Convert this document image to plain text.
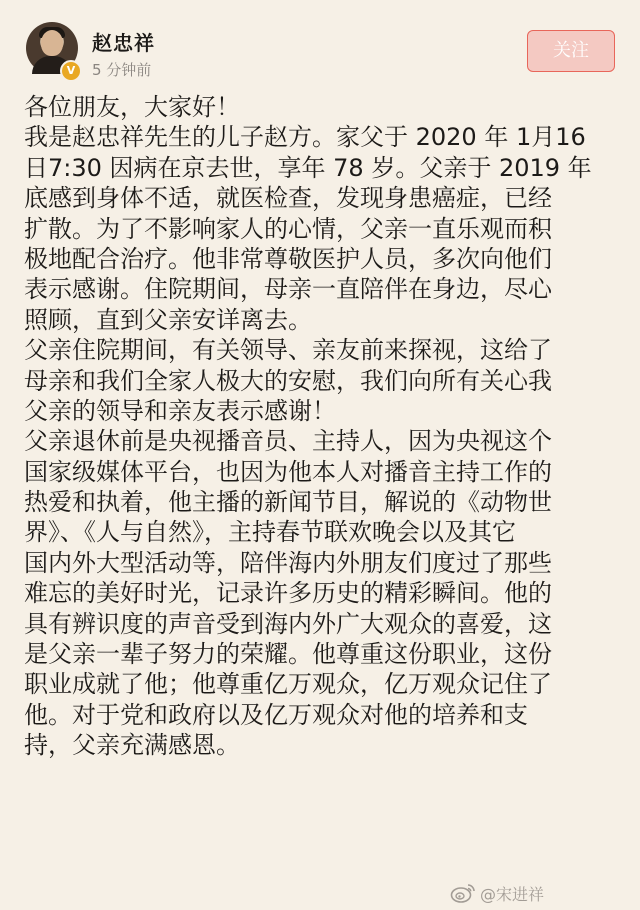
V
赵忠祥
5 分钟前
关注
各位朋友，大家好！
我是赵忠祥先生的儿子赵方。家父于 2020 年 1月16
日7:30 因病在京去世，享年 78 岁。父亲于 2019 年
底感到身体不适，就医检查，发现身患癌症，已经
扩散。为了不影响家人的心情，父亲一直乐观而积
极地配合治疗。他非常尊敬医护人员，多次向他们
表示感谢。住院期间，母亲一直陪伴在身边，尽心
照顾，直到父亲安详离去。
父亲住院期间，有关领导、亲友前来探视，这给了
母亲和我们全家人极大的安慰，我们向所有关心我
父亲的领导和亲友表示感谢！
父亲退休前是央视播音员、主持人，因为央视这个
国家级媒体平台，也因为他本人对播音主持工作的
热爱和执着，他主播的新闻节目，解说的《动物世
界》、《人与自然》，主持春节联欢晚会以及其它
国内外大型活动等，陪伴海内外朋友们度过了那些
难忘的美好时光，记录许多历史的精彩瞬间。他的
具有辨识度的声音受到海内外广大观众的喜爱，这
是父亲一辈子努力的荣耀。他尊重这份职业，这份
职业成就了他；他尊重亿万观众，亿万观众记住了
他。对于党和政府以及亿万观众对他的培养和支
持，父亲充满感恩。
@宋进祥
